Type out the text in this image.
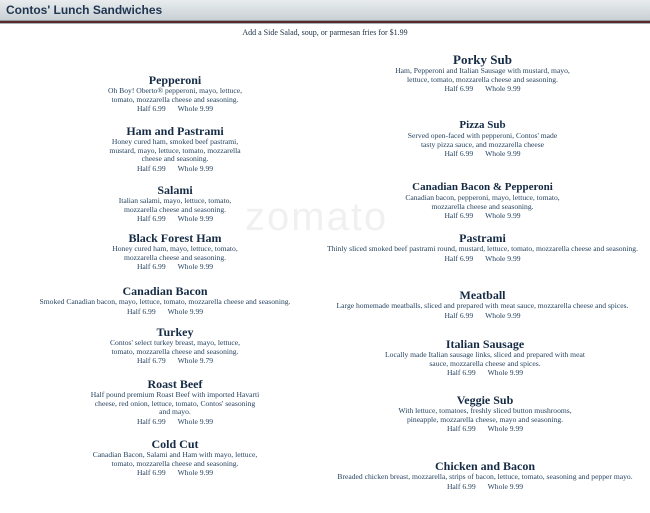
Contos' Lunch Sandwiches
Add a Side Salad, soup, or parmesan fries for $1.99
zomato
Pepperoni
Oh Boy! Oberto® pepperoni, mayo, lettuce, tomato, mozzarella cheese and seasoning.
Half 6.99 Whole 9.99
Ham and Pastrami
Honey cured ham, smoked beef pastrami, mustard, mayo, lettuce, tomato, mozzarella cheese and seasoning.
Half 6.99 Whole 9.99
Salami
Italian salami, mayo, lettuce, tomato, mozzarella cheese and seasoning.
Half 6.99 Whole 9.99
Black Forest Ham
Honey cured ham, mayo, lettuce, tomato, mozzarella cheese and seasoning.
Half 6.99 Whole 9.99
Canadian Bacon
Smoked Canadian bacon, mayo, lettuce, tomato, mozzarella cheese and seasoning.
Half 6.99 Whole 9.99
Turkey
Contos' select turkey breast, mayo, lettuce, tomato, mozzarella cheese and seasoning.
Half 6.79 Whole 9.79
Roast Beef
Half pound premium Roast Beef with imported Havarti cheese, red onion, lettuce, tomato, Contos' seasoning and mayo.
Half 6.99 Whole 9.99
Cold Cut
Canadian Bacon, Salami and Ham with mayo, lettuce, tomato, mozzarella cheese and seasoning.
Half 6.99 Whole 9.99
Porky Sub
Ham, Pepperoni and Italian Sausage with mustard, mayo, lettuce, tomato, mozzarella cheese and seasoning.
Half 6.99 Whole 9.99
Pizza Sub
Served open-faced with pepperoni, Contos' made tasty pizza sauce, and mozzarella cheese
Half 6.99 Whole 9.99
Canadian Bacon & Pepperoni
Canadian bacon, pepperoni, mayo, lettuce, tomato, mozzarella cheese and seasoning.
Half 6.99 Whole 9.99
Pastrami
Thinly sliced smoked beef pastrami round, mustard, lettuce, tomato, mozzarella cheese and seasoning.
Half 6.99 Whole 9.99
Meatball
Large homemade meatballs, sliced and prepared with meat sauce, mozzarella cheese and spices.
Half 6.99 Whole 9.99
Italian Sausage
Locally made Italian sausage links, sliced and prepared with meat sauce, mozzarella cheese and spices.
Half 6.99 Whole 9.99
Veggie Sub
With lettuce, tomatoes, freshly sliced button mushrooms, pineapple, mozzarella cheese, mayo and seasoning.
Half 6.99 Whole 9.99
Chicken and Bacon
Breaded chicken breast, mozzarella, strips of bacon, lettuce, tomato, seasoning and pepper mayo.
Half 6.99 Whole 9.99
